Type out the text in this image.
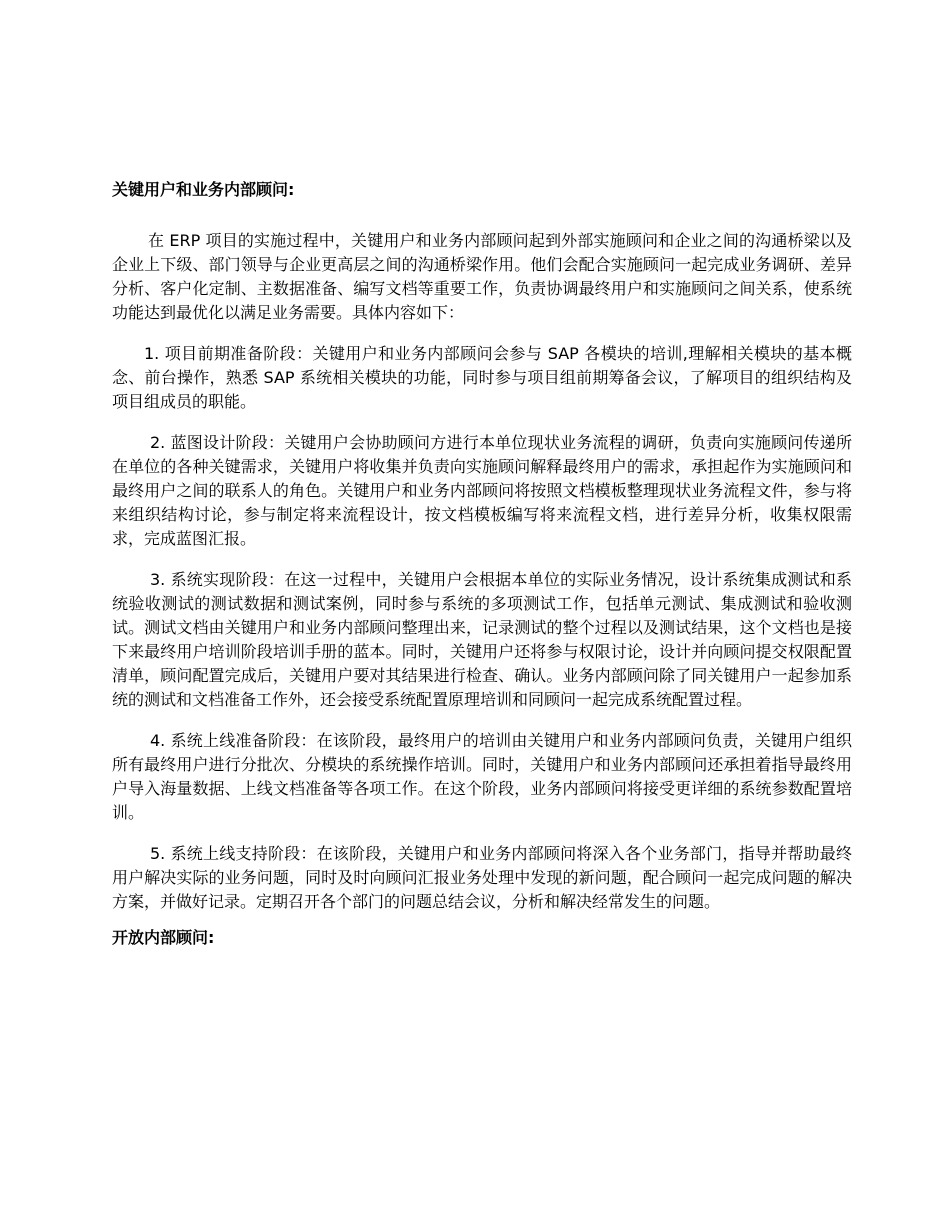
关键用户和业务内部顾问:

在 ERP 项目的实施过程中，关键用户和业务内部顾问起到外部实施顾问和企业之间的沟通桥梁以及企业上下级、部门领导与企业更高层之间的沟通桥梁作用。他们会配合实施顾问一起完成业务调研、差异分析、客户化定制、主数据准备、编写文档等重要工作，负责协调最终用户和实施顾问之间关系，使系统功能达到最优化以满足业务需要。具体内容如下：

1. 项目前期准备阶段：关键用户和业务内部顾问会参与 SAP 各模块的培训,理解相关模块的基本概念、前台操作，熟悉 SAP 系统相关模块的功能，同时参与项目组前期筹备会议，了解项目的组织结构及项目组成员的职能。

2. 蓝图设计阶段：关键用户会协助顾问方进行本单位现状业务流程的调研，负责向实施顾问传递所在单位的各种关键需求，关键用户将收集并负责向实施顾问解释最终用户的需求，承担起作为实施顾问和最终用户之间的联系人的角色。关键用户和业务内部顾问将按照文档模板整理现状业务流程文件，参与将来组织结构讨论，参与制定将来流程设计，按文档模板编写将来流程文档，进行差异分析，收集权限需求，完成蓝图汇报。

3. 系统实现阶段：在这一过程中，关键用户会根据本单位的实际业务情况，设计系统集成测试和系统验收测试的测试数据和测试案例，同时参与系统的多项测试工作，包括单元测试、集成测试和验收测试。测试文档由关键用户和业务内部顾问整理出来，记录测试的整个过程以及测试结果，这个文档也是接下来最终用户培训阶段培训手册的蓝本。同时，关键用户还将参与权限讨论，设计并向顾问提交权限配置清单，顾问配置完成后，关键用户要对其结果进行检查、确认。业务内部顾问除了同关键用户一起参加系统的测试和文档准备工作外，还会接受系统配置原理培训和同顾问一起完成系统配置过程。

4. 系统上线准备阶段：在该阶段，最终用户的培训由关键用户和业务内部顾问负责，关键用户组织所有最终用户进行分批次、分模块的系统操作培训。同时，关键用户和业务内部顾问还承担着指导最终用户导入海量数据、上线文档准备等各项工作。在这个阶段，业务内部顾问将接受更详细的系统参数配置培训。

5. 系统上线支持阶段：在该阶段，关键用户和业务内部顾问将深入各个业务部门，指导并帮助最终用户解决实际的业务问题，同时及时向顾问汇报业务处理中发现的新问题，配合顾问一起完成问题的解决方案，并做好记录。定期召开各个部门的问题总结会议，分析和解决经常发生的问题。

开放内部顾问:
